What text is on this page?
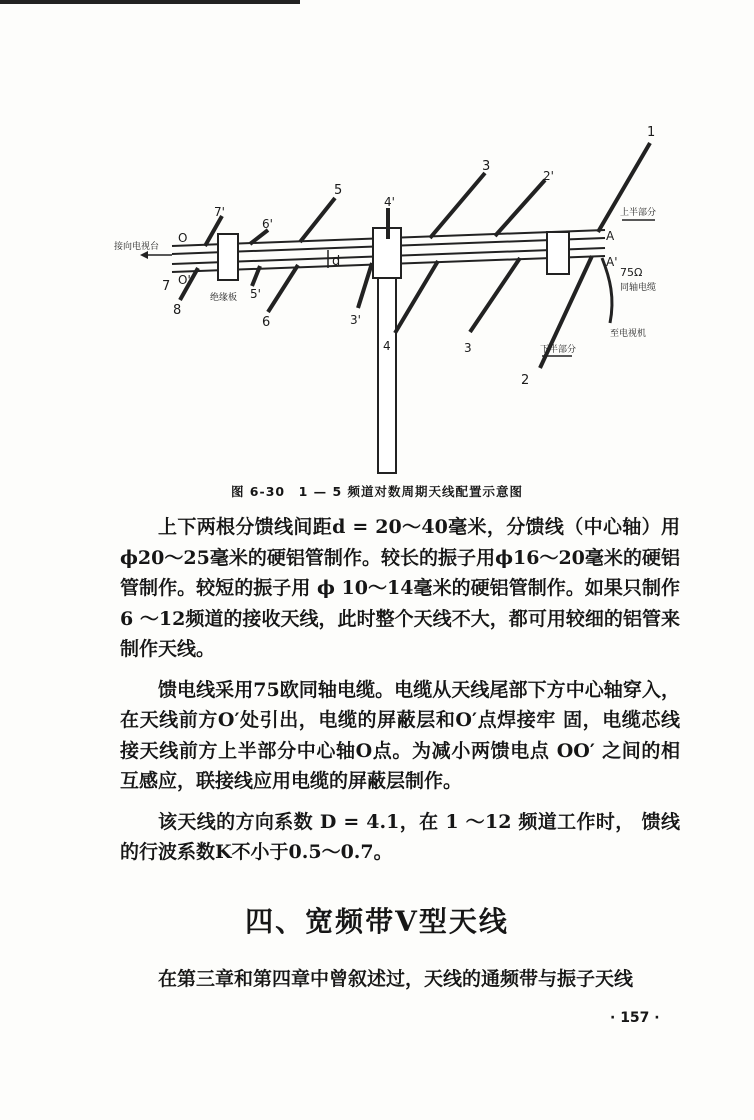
1
2
2'
3
3
3'
4'
4
5
5'
6
6'
7
7'
8
d
O
O'
A
A'
接向电视台
上半部分
下半部分
绝缘板
75Ω
同轴电缆
至电视机
图 6-30　1 — 5 频道对数周期天线配置示意图

上下两根分馈线间距d = 20～40毫米，分馈线（中心轴）用ϕ20～25毫米的硬铝管制作。较长的振子用ϕ16～20毫米的硬铝管制作。较短的振子用 ϕ 10～14毫米的硬铝管制作。如果只制作 6 ～12频道的接收天线，此时整个天线不大，都可用较细的铝管来制作天线。

馈电线采用75欧同轴电缆。电缆从天线尾部下方中心轴穿入，在天线前方O′处引出，电缆的屏蔽层和O′点焊接牢 固，电缆芯线接天线前方上半部分中心轴O点。为减小两馈电点 OO′ 之间的相互感应，联接线应用电缆的屏蔽层制作。

该天线的方向系数 D = 4.1，在 1 ～12 频道工作时， 馈线的行波系数K不小于0.5～0.7。

四、宽频带V型天线

在第三章和第四章中曾叙述过，天线的通频带与振子天线

· 157 ·
